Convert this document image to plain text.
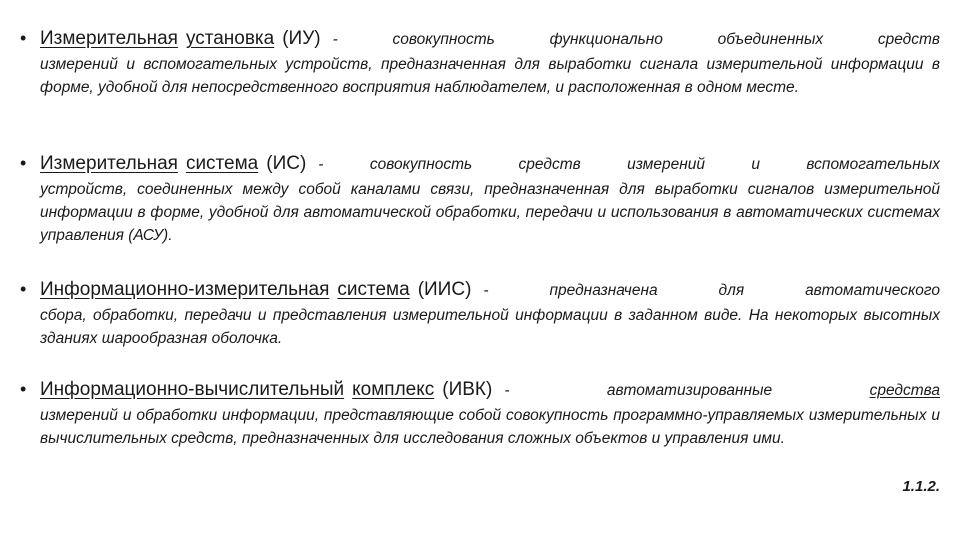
• Измерительная установка (ИУ) - совокупность функционально объединенных средств
измерений и вспомогательных устройств, предназначенная для выработки сигнала измерительной информации в форме, удобной для непосредственного восприятия наблюдателем, и расположенная в одном месте.
• Измерительная система (ИС) - совокупность средств измерений и вспомогательных
устройств, соединенных между собой каналами связи, предназначенная для выработки сигналов измерительной информации в форме, удобной для автоматической обработки, передачи и использования в автоматических системах управления (АСУ).
• Информационно-измерительная система (ИИС) - предназначена для автоматического
сбора, обработки, передачи и представления измерительной информации в заданном виде. На некоторых высотных зданиях шарообразная оболочка.
• Информационно-вычислительный комплекс (ИВК) - автоматизированные	средства
измерений и обработки информации, представляющие собой совокупность программно-управляемых измерительных и вычислительных средств, предназначенных для исследования сложных объектов и управления ими.
1.1.2.
